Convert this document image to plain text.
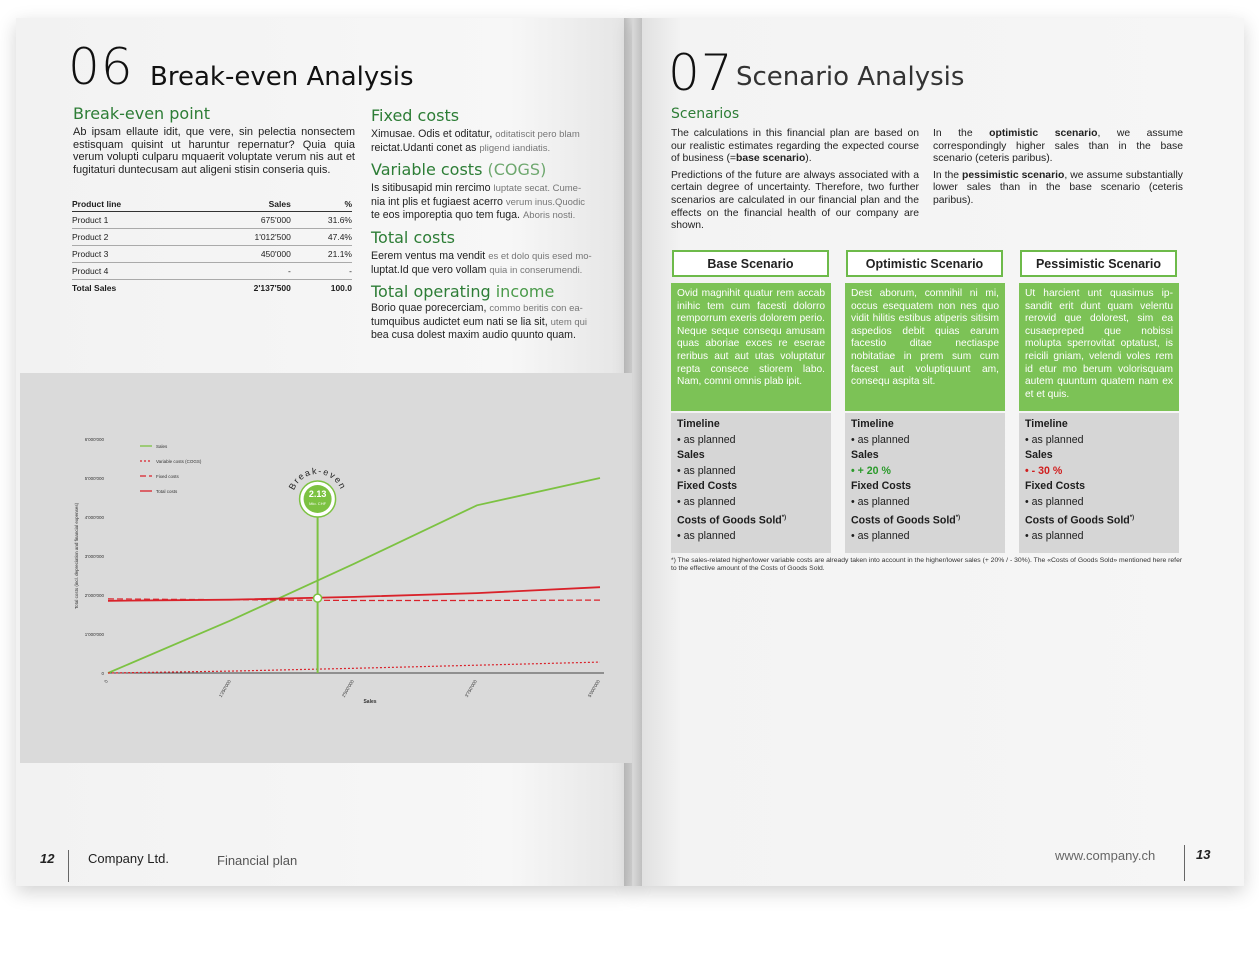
06 Break-even Analysis
Break-even point
Ab ipsam ellaute idit, que vere, sin pelectia nonsectem estisquam quisint ut haruntur repernatur? Quia quia verum volupti culparu mquaerit voluptate verum nis aut et fugitaturi duntecusam aut aligeni stisin conseria quis.
Product line	Sales	%
Product 1	675'000	31.6%
Product 2	1'012'500	47.4%
Product 3	450'000	21.1%
Product 4	-	-
Total Sales	2'137'500	100.0
Fixed costs
Ximusae. Odis et oditatur, oditatiscit pero blam
reictat.Udanti conet as pligend iandiatis.
Variable costs (COGS)
Is sitibusapid min rercimo luptate secat. Cume-
nia int plis et fugiaest acerro verum inus.Quodic
te eos imporeptia quo tem fuga. Aboris nosti.
Total costs
Eerem ventus ma vendit es et dolo quis esed mo-
luptat.Id que vero vollam quia in conserumendi.
Total operating income
Borio quae porecerciam, commo beritis con ea-
tumquibus audictet eum nati se lia sit, utem qui
bea cusa dolest maxim audio quunto quam.
0
1'000'000
2'000'000
3'000'000
4'000'000
5'000'000
6'000'000
0	1'250'000	2'500'000	3'750'000	5'000'000
Sales
Total costs (incl. depreciation and financial expenses)
Sales
Variable costs (COGS)
Fixed costs
Total costs	2.13
Mio. CHF
Break-even
12	Company Ltd.	Financial plan
07 Scenario Analysis
Scenarios
The calculations in this financial plan are based on our realistic estimates regarding the expected course of business (=base scenario).
Predictions of the future are always associated with a certain degree of uncertainty. Therefore, two further scenarios are calculated in our financial plan and the effects on the financial health of our company are shown.
In the optimistic scenario, we assume correspondingly higher sales than in the base scenario (ceteris paribus).
In the pessimistic scenario, we assume substantially lower sales than in the base scenario (ceteris paribus).
Base Scenario
Ovid magnihit quatur rem accab inihic tem cum facesti dolorro remporrum exeris dolorem perio. Neque seque consequ amusam quas aboriae exces re eserae reribus aut aut utas voluptatur repta consece stiorem labo. Nam, comni omnis plab ipit.
Timeline
• as planned
Sales
• as planned
Fixed Costs
• as planned
Costs of Goods Sold*)
• as planned
Optimistic Scenario
Dest aborum, comnihil ni mi, occus esequatem non nes quo vidit hilitis estibus atiperis sitisim aspedios debit quias earum facestio ditae nectiaspe nobitatiae in prem sum cum facest aut voluptiquunt am, consequ aspita sit.
Timeline
• as planned
Sales
• + 20 %
Fixed Costs
• as planned
Costs of Goods Sold*)
• as planned
Pessimistic Scenario
Ut harcient unt quasimus ipsandit erit dunt quam velentu rerovid que dolorest, sim ea cusaepreped que nobissi molupta sperrovitat optatust, is reicili gniam, velendi voles rem id etur mo berum volorisquam autem quuntum quatem nam ex et et quis.
Timeline
• as planned
Sales
• - 30 %
Fixed Costs
• as planned
Costs of Goods Sold*)
• as planned
*) The sales-related higher/lower variable costs are already taken into account in the higher/lower sales (+ 20% / - 30%). The «Costs of Goods Sold» mentioned here refer to the effective amount of the Costs of Goods Sold.
www.company.ch	13
